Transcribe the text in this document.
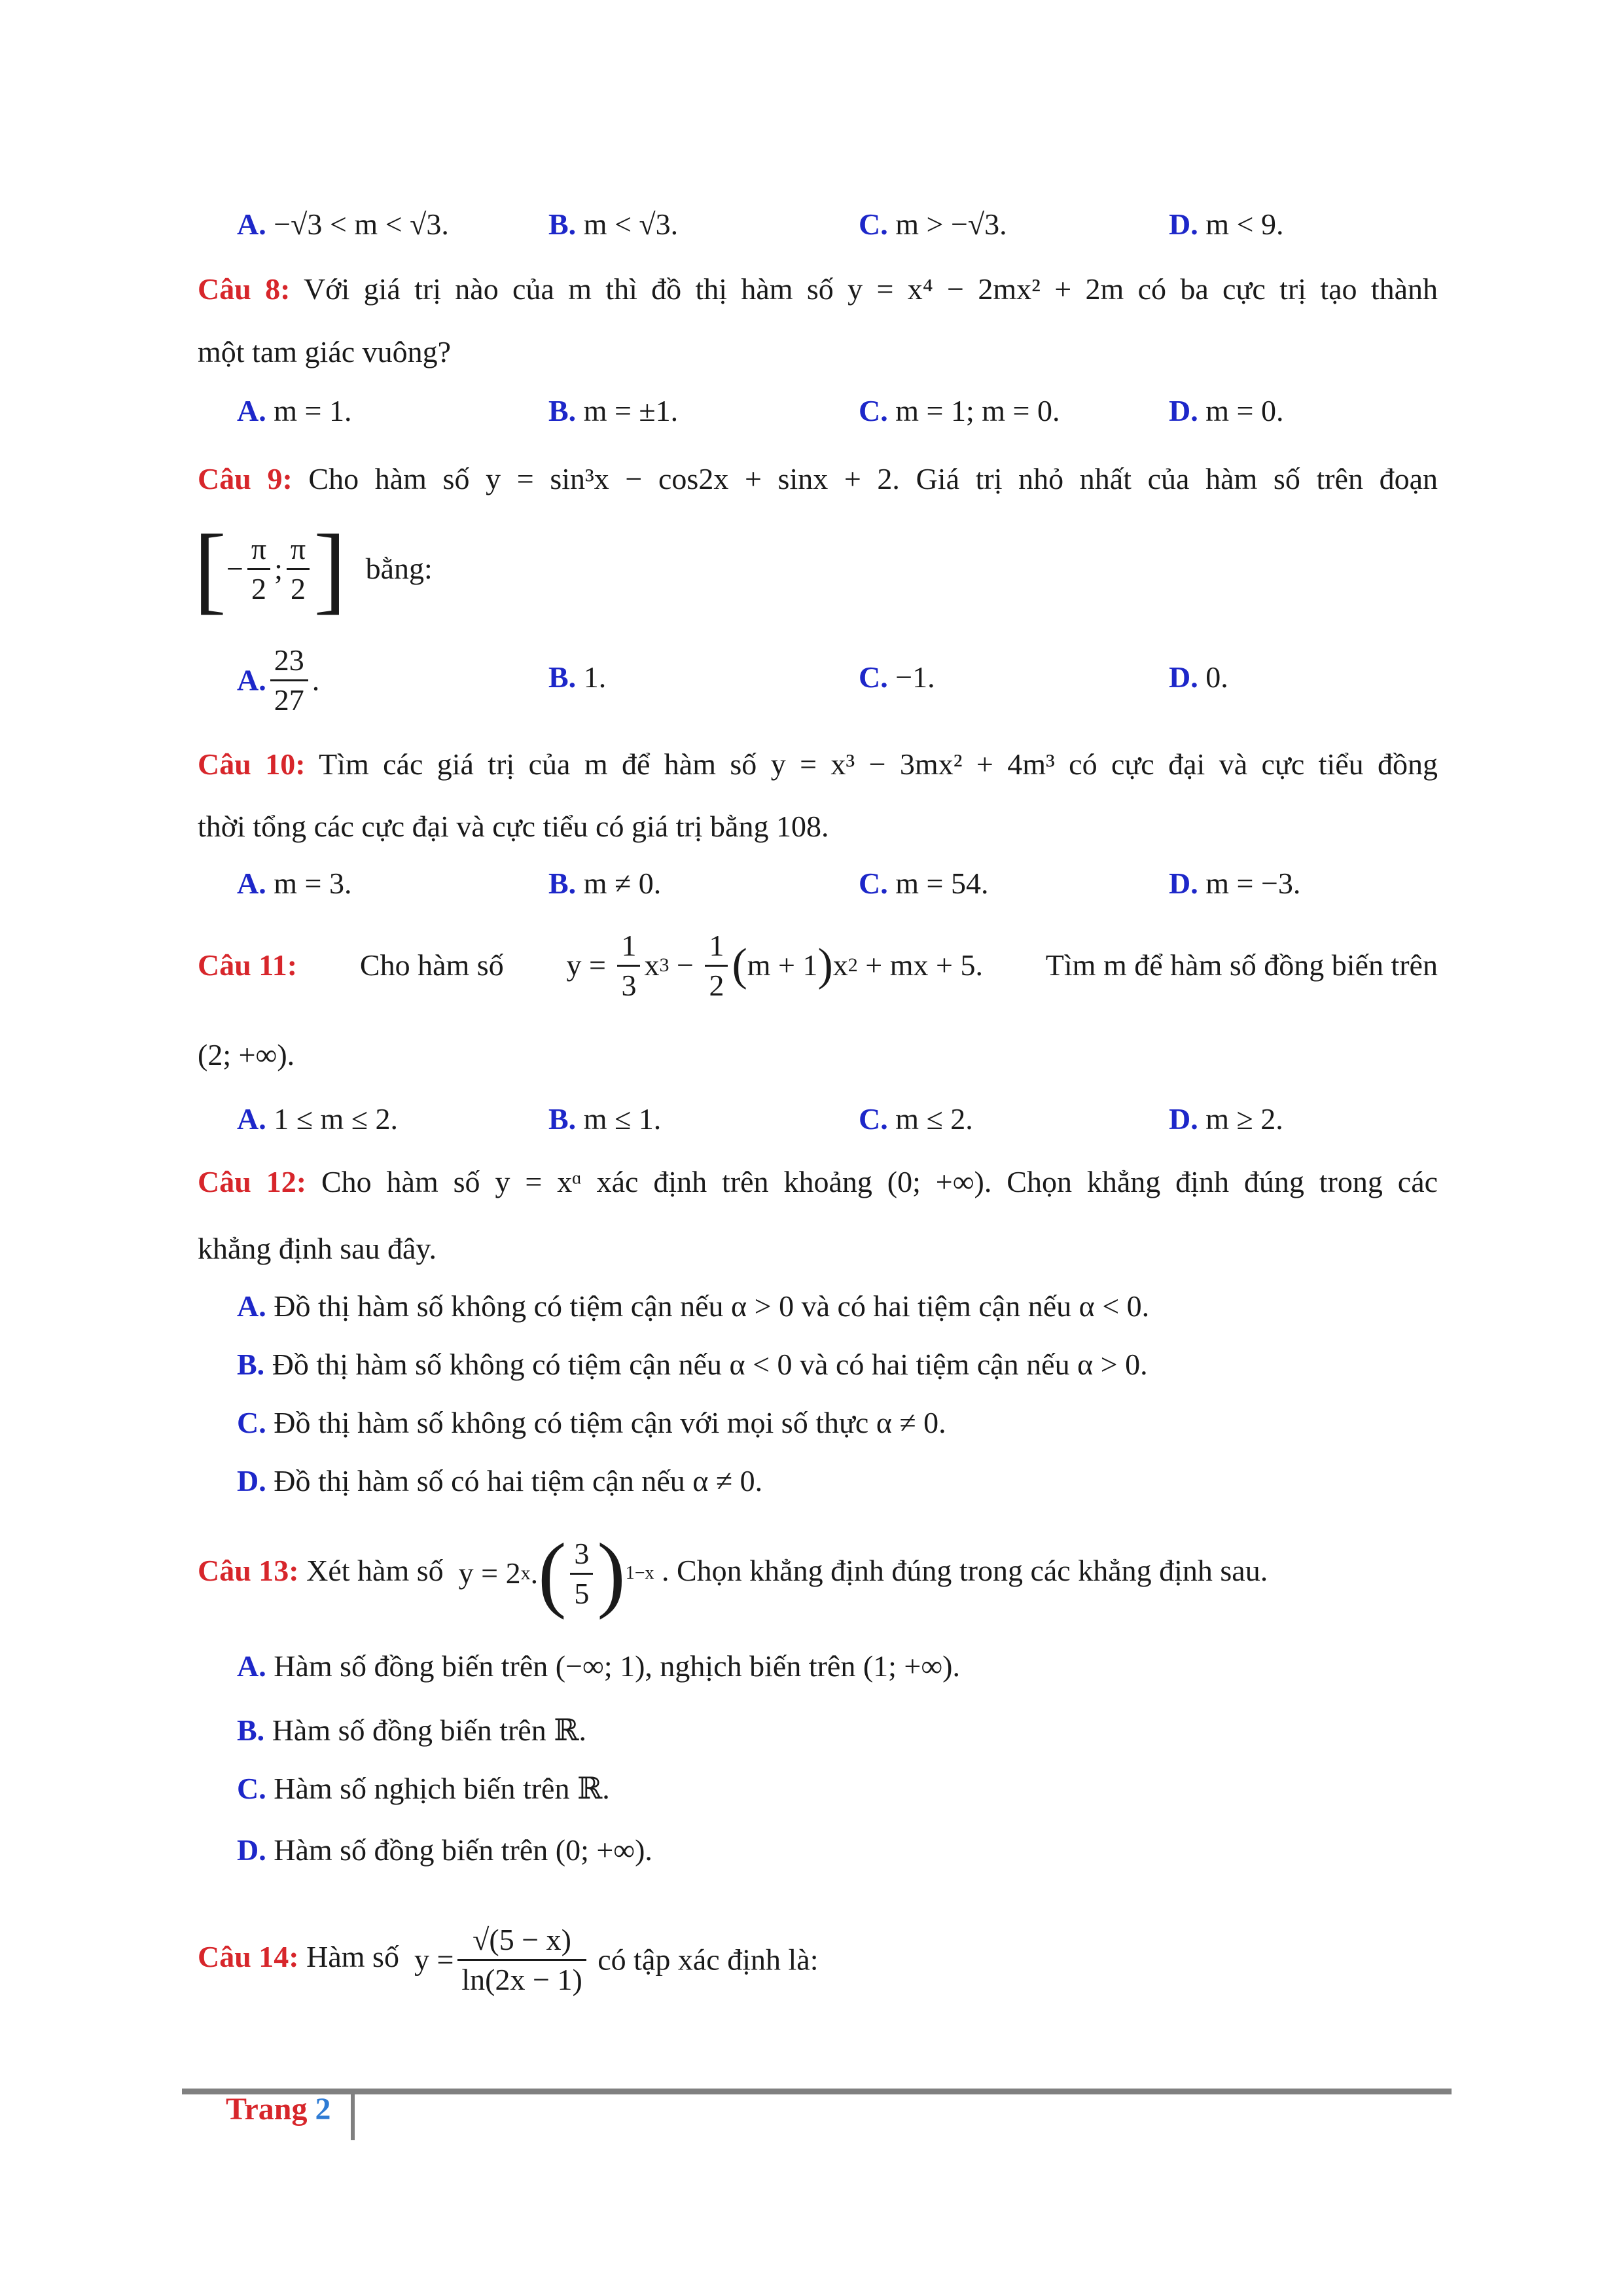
A. −√3 < m < √3.	B. m < √3.	C. m > −√3.	D. m < 9.
Câu 8: Với giá trị nào của m thì đồ thị hàm số y = x⁴ − 2mx² + 2m có ba cực trị tạo thành
một tam giác vuông?
A. m = 1.	B. m = ±1.	C. m = 1; m = 0.	D. m = 0.
Câu 9: Cho hàm số y = sin³x − cos2x + sinx + 2. Giá trị nhỏ nhất của hàm số trên đoạn
[− $\frac{\pi}{2}$ ; $\frac{\pi}{2}$ ] bằng:
A. $\frac{23}{27}$ .	B. 1.	C. −1.	D. 0.
Câu 10: Tìm các giá trị của m để hàm số y = x³ − 3mx² + 4m³ có cực đại và cực tiểu đồng
thời tổng các cực đại và cực tiểu có giá trị bằng 108.
A. m = 3.	B. m ≠ 0.	C. m = 54.	D. m = −3.
Câu 11: Cho hàm số $y = \frac{1}{3}$ x $3 - \frac{1}{2}$ ( m + 1 ) x 2 + mx + 5. Tìm m để hàm số đồng biến trên
(2; +∞).
A. 1 ≤ m ≤ 2.	B. m ≤ 1.	C. m ≤ 2.	D. m ≥ 2.
Câu 12: Cho hàm số y = xᵅ xác định trên khoảng (0; +∞). Chọn khẳng định đúng trong các
khẳng định sau đây.
A. Đồ thị hàm số không có tiệm cận nếu α > 0 và có hai tiệm cận nếu α < 0.
B. Đồ thị hàm số không có tiệm cận nếu α < 0 và có hai tiệm cận nếu α > 0.
C. Đồ thị hàm số không có tiệm cận với mọi số thực α ≠ 0.
D. Đồ thị hàm số có hai tiệm cận nếu α ≠ 0.
Câu 13: Xét hàm số  y = 2 x . ( $\frac{3}{5}$ ) 1−x . Chọn khẳng định đúng trong các khẳng định sau.
A. Hàm số đồng biến trên (−∞; 1), nghịch biến trên (1; +∞).
B. Hàm số đồng biến trên ℝ.
C. Hàm số nghịch biến trên ℝ.
D. Hàm số đồng biến trên (0; +∞).
Câu 14: Hàm số  $y = \frac{√(5 - x)}{\ln(2x - 1)}$ có tập xác định là:
Trang 2
